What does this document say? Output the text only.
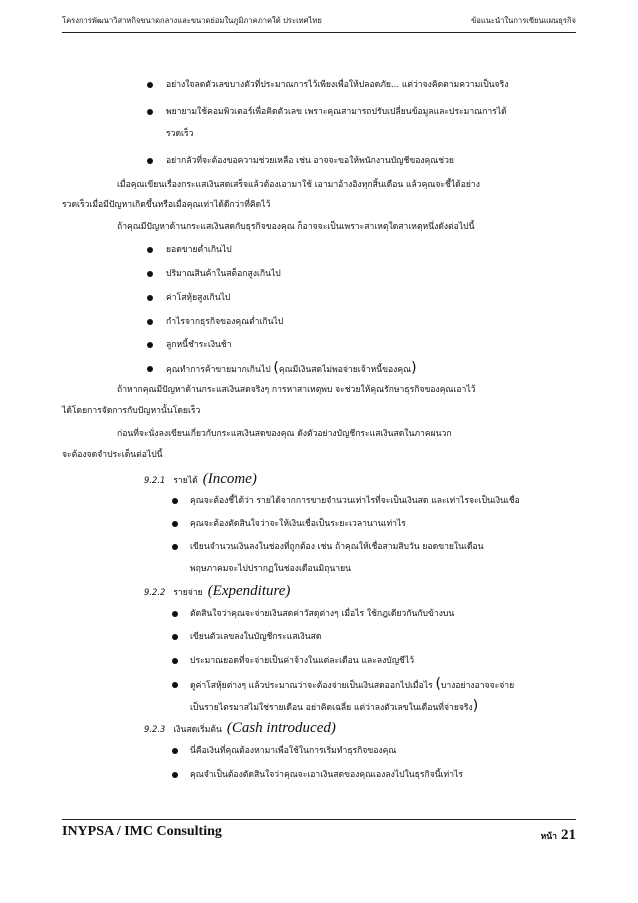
โครงการพัฒนาวิสาหกิจขนาดกลางและขนาดย่อมในภูมิภาคภาคใต้ ประเทศไทย	ข้อแนะนำในการเขียนแผนธุรกิจ
อย่างใจลดตัวเลขบางตัวที่ประมาณการไว้เพียงเพื่อให้ปลอดภัย... แต่ว่าจงคิดตามความเป็นจริง
พยายามใช้คอมพิวเตอร์เพื่อคิดตัวเลข เพราะคุณสามารถปรับเปลี่ยนข้อมูลและประมาณการได้
รวดเร็ว
อย่ากลัวที่จะต้องขอความช่วยเหลือ เช่น อาจจะขอให้พนักงานบัญชีของคุณช่วย
เมื่อคุณเขียนเรื่องกระแสเงินสดเสร็จแล้วต้องเอามาใช้ เอามาอ้างอิงทุกสิ้นเดือน แล้วคุณจะชี้ได้อย่าง
รวดเร็วเมื่อมีปัญหาเกิดขึ้นหรือเมื่อคุณเท่าได้ดีกว่าที่คิดไว้
ถ้าคุณมีปัญหาด้านกระแสเงินสดกับธุรกิจของคุณ ก็อาจจะเป็นเพราะสาเหตุใดสาเหตุหนึ่งดังต่อไปนี้
ยอดขายต่ำเกินไป
ปริมาณสินค้าในสต็อกสูงเกินไป
ค่าโสหุ้ยสูงเกินไป
กำไรจากธุรกิจของคุณต่ำเกินไป
ลูกหนี้ชำระเงินช้า
คุณทำการค้าขายมากเกินไป (คุณมีเงินสดไม่พอจ่ายเจ้าหนี้ของคุณ)
ถ้าหากคุณมีปัญหาด้านกระแสเงินสดจริงๆ การหาสาเหตุพบ จะช่วยให้คุณรักษาธุรกิจของคุณเอาไว้
ได้โดยการจัดการกับปัญหานั้นโดยเร็ว
ก่อนที่จะนั่งลงเขียนเกี่ยวกับกระแสเงินสดของคุณ ดังตัวอย่างบัญชีกระแสเงินสดในภาคผนวก
จะต้องจดจำประเด็นต่อไปนี้
9.2.1 รายได้ (Income)
คุณจะต้องชี้ได้ว่า รายได้จากการขายจำนวนเท่าไรที่จะเป็นเงินสด และเท่าไรจะเป็นเงินเชื่อ
คุณจะต้องตัดสินใจว่าจะให้เงินเชื่อเป็นระยะเวลานานเท่าไร
เขียนจำนวนเงินลงในช่องที่ถูกต้อง เช่น ถ้าคุณให้เชื่อสามสิบวัน ยอดขายในเดือน
พฤษภาคมจะไปปรากฏในช่องเดือนมิถุนายน
9.2.2 รายจ่าย (Expenditure)
ตัดสินใจว่าคุณจะจ่ายเงินสดค่าวัสดุต่างๆ เมื่อไร ใช้กฎเดียวกันกับข้างบน
เขียนตัวเลขลงในบัญชีกระแสเงินสด
ประมาณยอดที่จะจ่ายเป็นค่าจ้างในแต่ละเดือน และลงบัญชีไว้
ดูค่าโสหุ้ยต่างๆ แล้วประมาณว่าจะต้องจ่ายเป็นเงินสดออกไปเมื่อไร (บางอย่างอาจจะจ่าย
เป็นรายไตรมาสไม่ใช่รายเดือน อย่าคิดเฉลี่ย แต่ว่าลงตัวเลขในเดือนที่จ่ายจริง)
9.2.3 เงินสดเริ่มต้น (Cash introduced)
นี่คือเงินที่คุณต้องหามาเพื่อใช้ในการเริ่มทำธุรกิจของคุณ
คุณจำเป็นต้องตัดสินใจว่าคุณจะเอาเงินสดของคุณเองลงไปในธุรกิจนี้เท่าไร
INYPSA / IMC Consulting	หน้า 21
